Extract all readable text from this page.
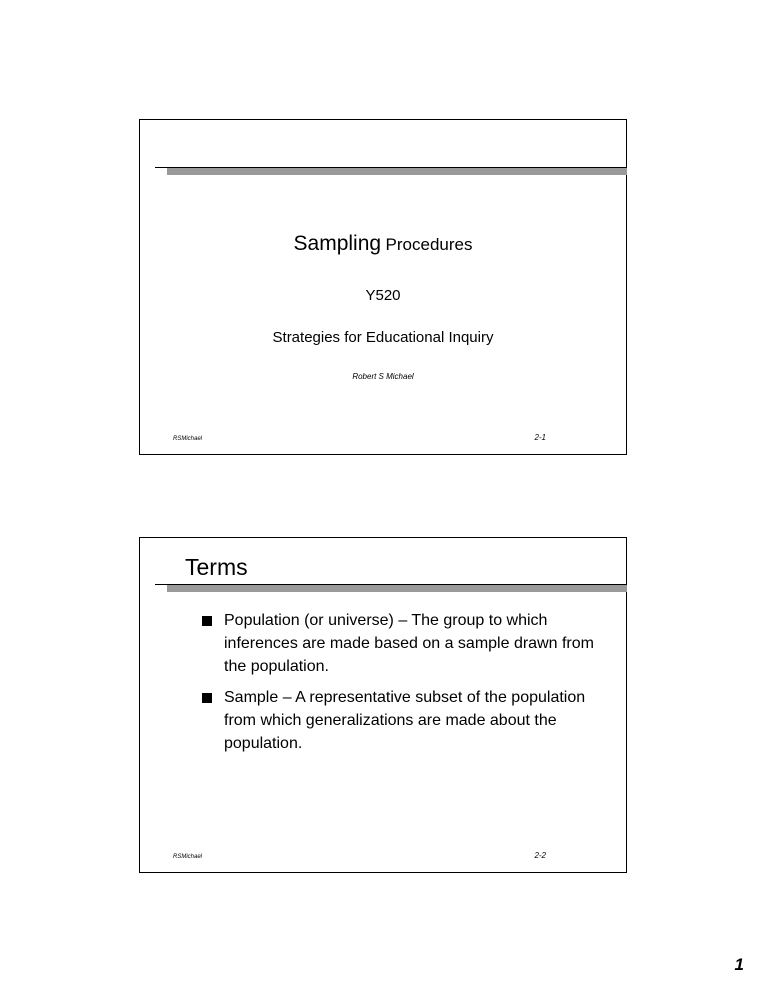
Sampling Procedures
Y520
Strategies for Educational Inquiry
Robert S Michael
RSMichael	2-1
Terms
Population (or universe) – The group to which inferences are made based on a sample drawn from the population.
Sample – A representative subset of the population from which generalizations are made about the population.
RSMichael	2-2
1
